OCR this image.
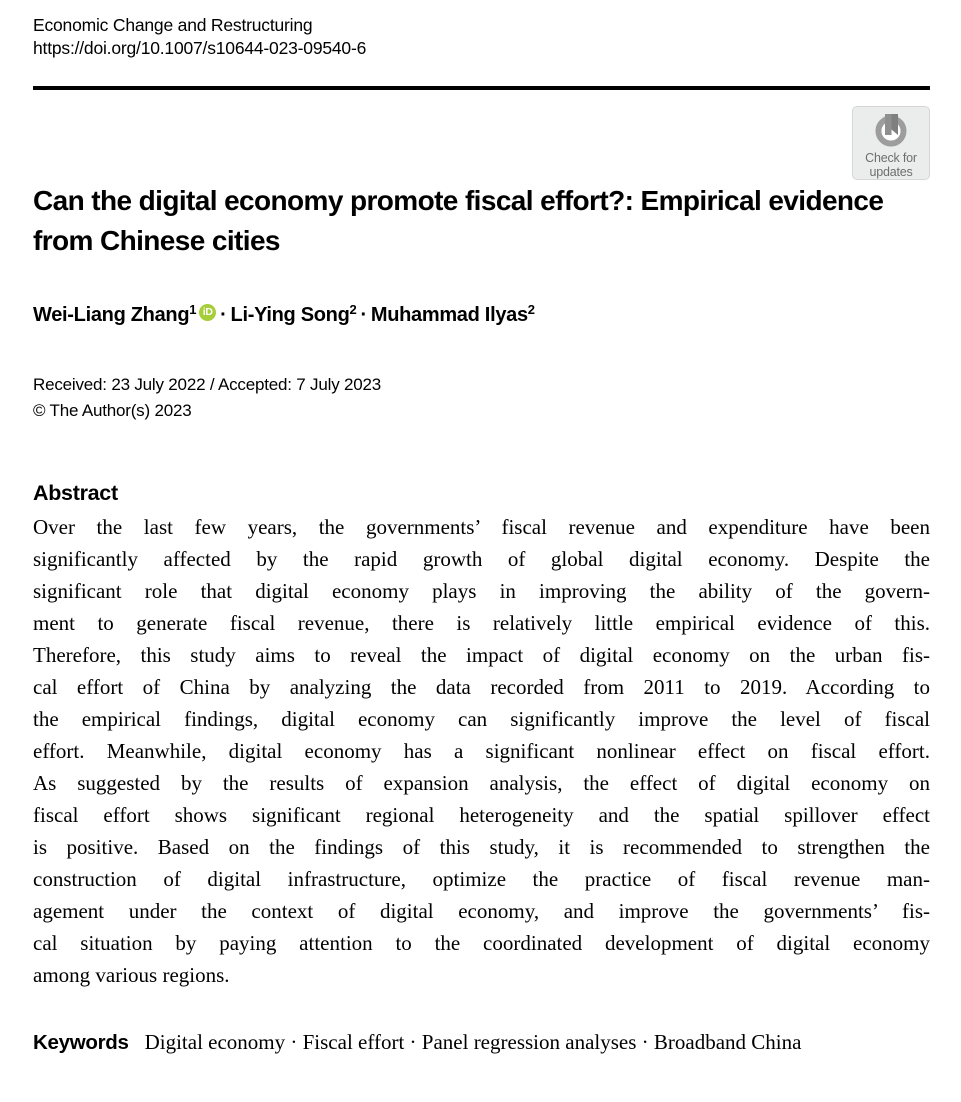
Economic Change and Restructuring
https://doi.org/10.1007/s10644-023-09540-6
Check for
updates
Can the digital economy promote fiscal effort?: Empirical evidence from Chinese cities
Wei-Liang Zhang$^1$ iD · Li-Ying Song$^2$ · Muhammad Ilyas$^2$
Received: 23 July 2022 / Accepted: 7 July 2023
© The Author(s) 2023
Abstract
Over the last few years, the governments’ fiscal revenue and expenditure have been
significantly affected by the rapid growth of global digital economy. Despite the
significant role that digital economy plays in improving the ability of the govern-
ment to generate fiscal revenue, there is relatively little empirical evidence of this.
Therefore, this study aims to reveal the impact of digital economy on the urban fis-
cal effort of China by analyzing the data recorded from 2011 to 2019. According to
the empirical findings, digital economy can significantly improve the level of fiscal
effort. Meanwhile, digital economy has a significant nonlinear effect on fiscal effort.
As suggested by the results of expansion analysis, the effect of digital economy on
fiscal effort shows significant regional heterogeneity and the spatial spillover effect
is positive. Based on the findings of this study, it is recommended to strengthen the
construction of digital infrastructure, optimize the practice of fiscal revenue man-
agement under the context of digital economy, and improve the governments’ fis-
cal situation by paying attention to the coordinated development of digital economy
among various regions.
Keywords Digital economy · Fiscal effort · Panel regression analyses · Broadband China
